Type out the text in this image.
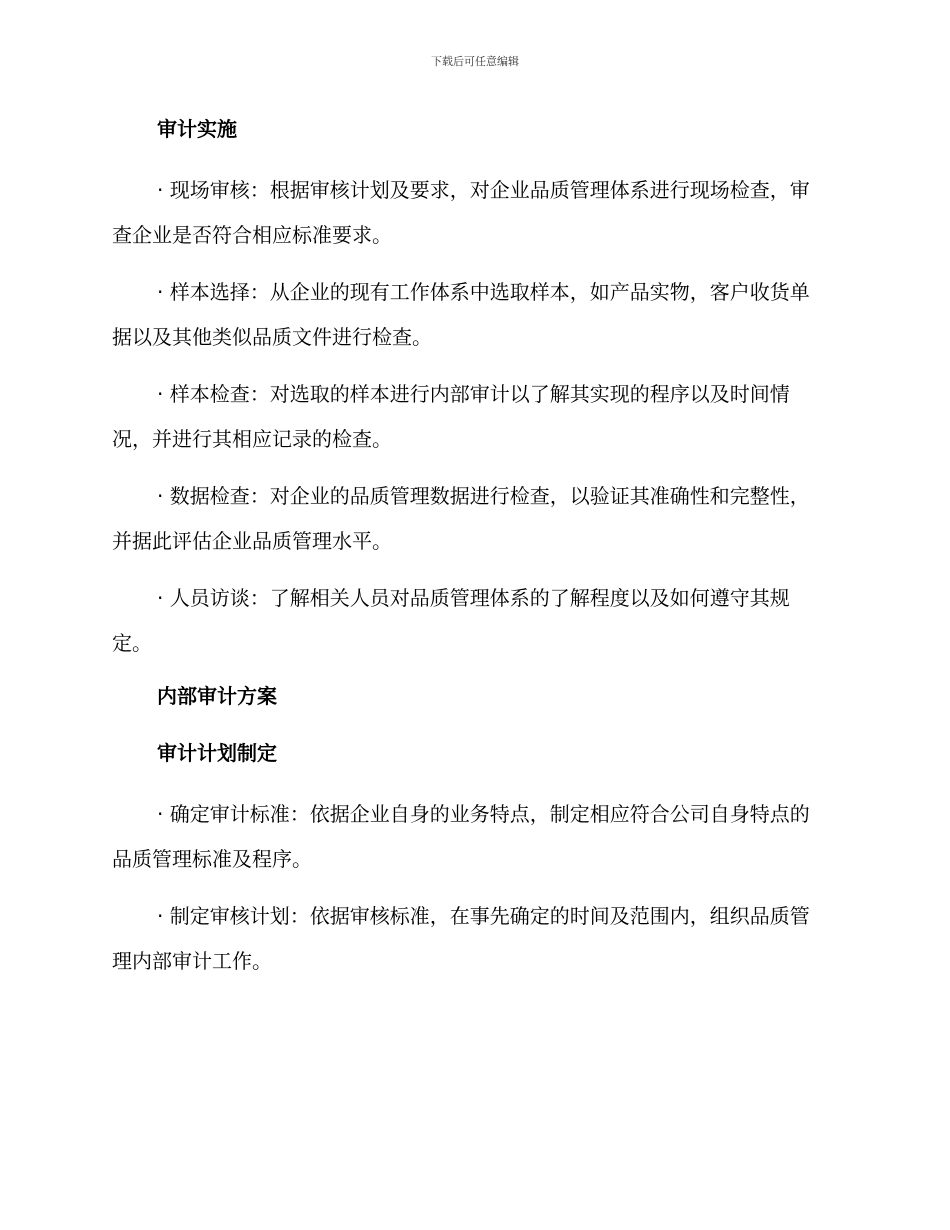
下载后可任意编辑
审计实施

· 现场审核：根据审核计划及要求，对企业品质管理体系进行现场检查，审查企业是否符合相应标准要求。

· 样本选择：从企业的现有工作体系中选取样本，如产品实物，客户收货单据以及其他类似品质文件进行检查。

· 样本检查：对选取的样本进行内部审计以了解其实现的程序以及时间情况，并进行其相应记录的检查。

· 数据检查：对企业的品质管理数据进行检查，以验证其准确性和完整性，并据此评估企业品质管理水平。

· 人员访谈：了解相关人员对品质管理体系的了解程度以及如何遵守其规定。

内部审计方案
审计计划制定

· 确定审计标准：依据企业自身的业务特点，制定相应符合公司自身特点的品质管理标准及程序。

· 制定审核计划：依据审核标准，在事先确定的时间及范围内，组织品质管理内部审计工作。
